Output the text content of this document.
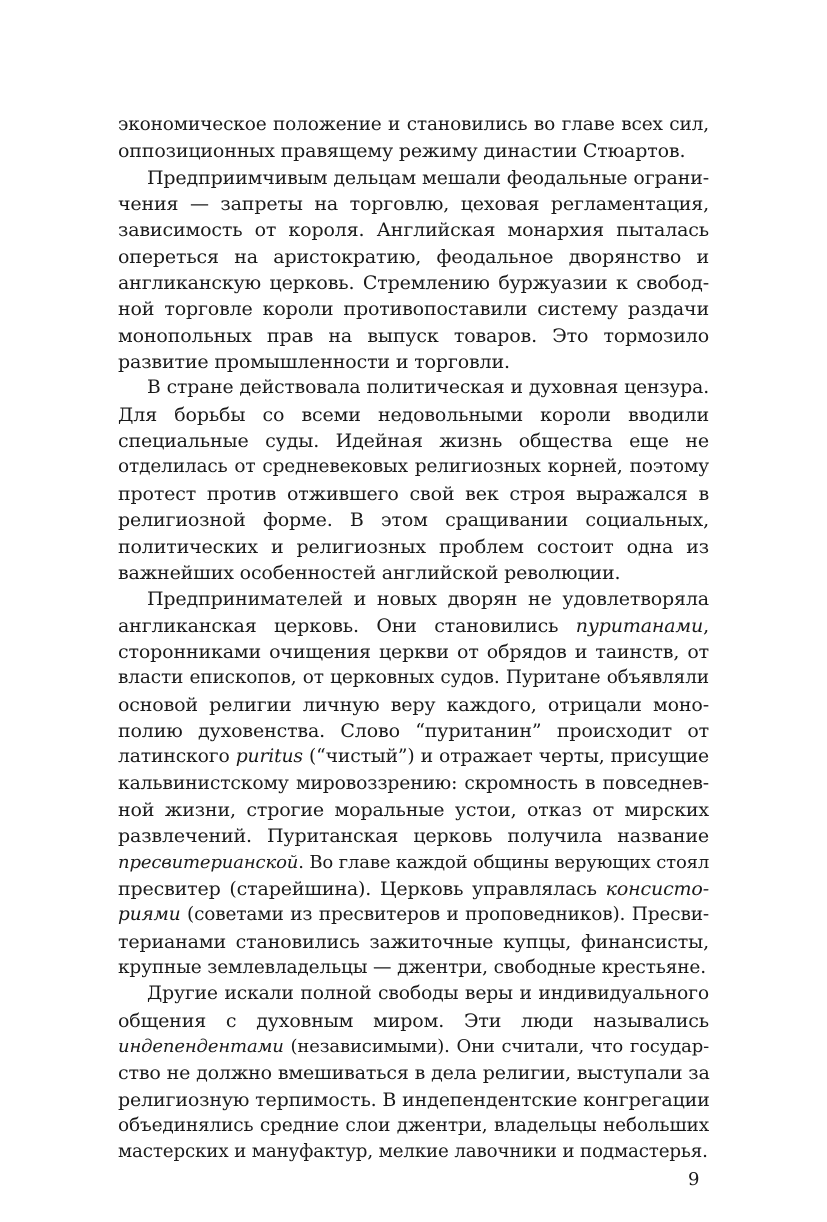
экономическое положение и становились во главе всех сил,
оппозиционных правящему режиму династии Стюартов.
Предприимчивым дельцам мешали феодальные ограни-
чения — запреты на торговлю, цеховая регламентация,
зависимость от короля. Английская монархия пыталась
опереться на аристократию, феодальное дворянство и
англиканскую церковь. Стремлению буржуазии к свобод-
ной торговле короли противопоставили систему раздачи
монопольных прав на выпуск товаров. Это тормозило
развитие промышленности и торговли.
В стране действовала политическая и духовная цензура.
Для борьбы со всеми недовольными короли вводили
специальные суды. Идейная жизнь общества еще не
отделилась от средневековых религиозных корней, поэтому
протест против отжившего свой век строя выражался в
религиозной форме. В этом сращивании социальных,
политических и религиозных проблем состоит одна из
важнейших особенностей английской революции.
Предпринимателей и новых дворян не удовлетворяла
англиканская церковь. Они становились пуританами,
сторонниками очищения церкви от обрядов и таинств, от
власти епископов, от церковных судов. Пуритане объявляли
основой религии личную веру каждого, отрицали моно-
полию духовенства. Слово “пуританин” происходит от
латинского puritus (“чистый”) и отражает черты, присущие
кальвинистскому мировоззрению: скромность в повседнев-
ной жизни, строгие моральные устои, отказ от мирских
развлечений. Пуританская церковь получила название
пресвитерианской. Во главе каждой общины верующих стоял
пресвитер (старейшина). Церковь управлялась консисто-
риями (советами из пресвитеров и проповедников). Пресви-
терианами становились зажиточные купцы, финансисты,
крупные землевладельцы — джентри, свободные крестьяне.
Другие искали полной свободы веры и индивидуального
общения с духовным миром. Эти люди назывались
индепендентами (независимыми). Они считали, что государ-
ство не должно вмешиваться в дела религии, выступали за
религиозную терпимость. В индепендентские конгрегации
объединялись средние слои джентри, владельцы небольших
мастерских и мануфактур, мелкие лавочники и подмастерья.
9
